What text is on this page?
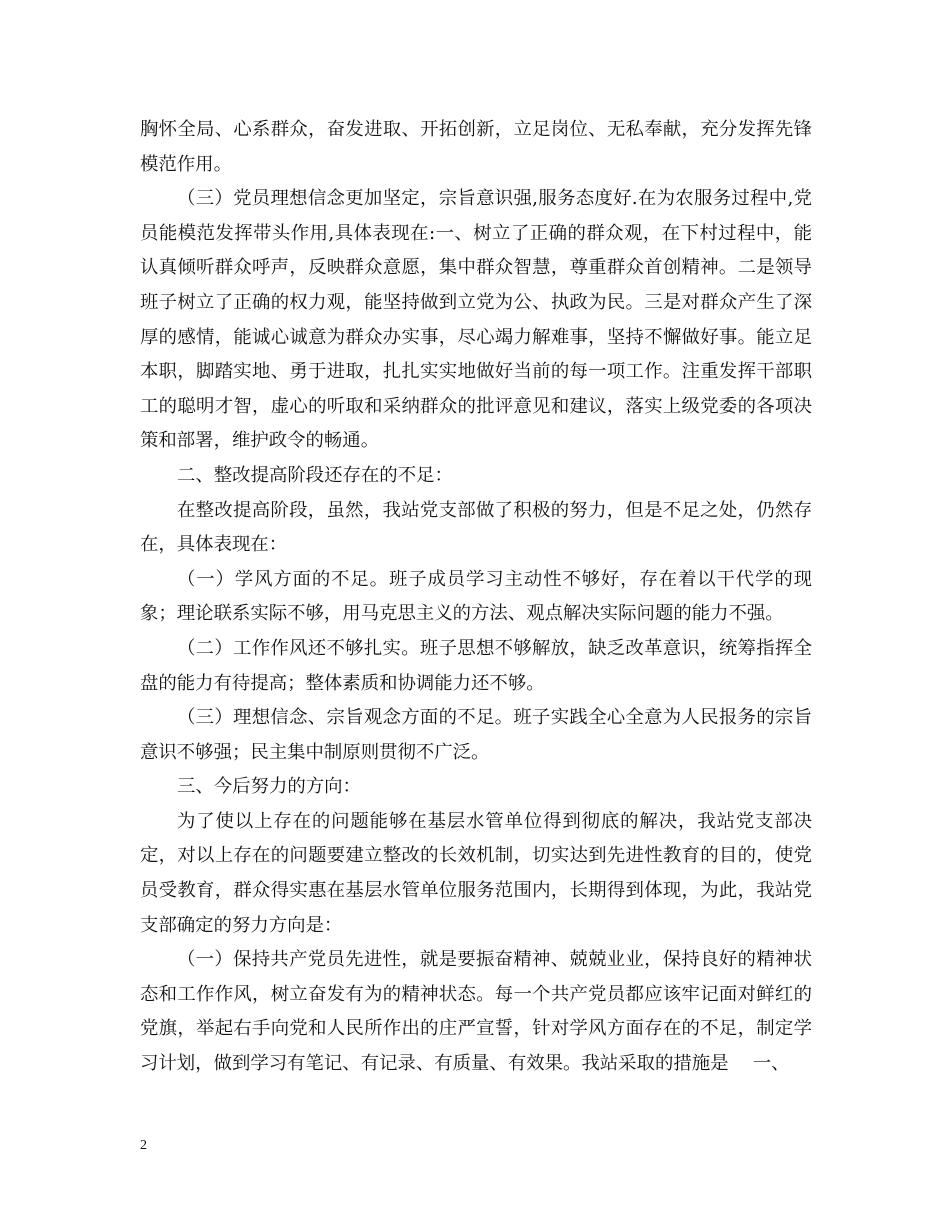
胸怀全局、心系群众，奋发进取、开拓创新，立足岗位、无私奉献，充分发挥先锋模范作用。

（三）党员理想信念更加坚定，宗旨意识强,服务态度好.在为农服务过程中,党员能模范发挥带头作用,具体表现在:一、树立了正确的群众观，在下村过程中，能认真倾听群众呼声，反映群众意愿，集中群众智慧，尊重群众首创精神。二是领导班子树立了正确的权力观，能坚持做到立党为公、执政为民。三是对群众产生了深厚的感情，能诚心诚意为群众办实事，尽心竭力解难事，坚持不懈做好事。能立足本职，脚踏实地、勇于进取，扎扎实实地做好当前的每一项工作。注重发挥干部职工的聪明才智，虚心的听取和采纳群众的批评意见和建议，落实上级党委的各项决策和部署，维护政令的畅通。

二、整改提高阶段还存在的不足：

在整改提高阶段，虽然，我站党支部做了积极的努力，但是不足之处，仍然存在，具体表现在：

（一）学风方面的不足。班子成员学习主动性不够好，存在着以干代学的现象；理论联系实际不够，用马克思主义的方法、观点解决实际问题的能力不强。

（二）工作作风还不够扎实。班子思想不够解放，缺乏改革意识，统筹指挥全盘的能力有待提高；整体素质和协调能力还不够。

（三）理想信念、宗旨观念方面的不足。班子实践全心全意为人民报务的宗旨意识不够强；民主集中制原则贯彻不广泛。

三、今后努力的方向：

为了使以上存在的问题能够在基层水管单位得到彻底的解决，我站党支部决定，对以上存在的问题要建立整改的长效机制，切实达到先进性教育的目的，使党员受教育，群众得实惠在基层水管单位服务范围内，长期得到体现，为此，我站党支部确定的努力方向是：

（一）保持共产党员先进性，就是要振奋精神、兢兢业业，保持良好的精神状态和工作作风，树立奋发有为的精神状态。每一个共产党员都应该牢记面对鲜红的党旗，举起右手向党和人民所作出的庄严宣誓，针对学风方面存在的不足，制定学习计划，做到学习有笔记、有记录、有质量、有效果。我站采取的措施是　 一、

2
